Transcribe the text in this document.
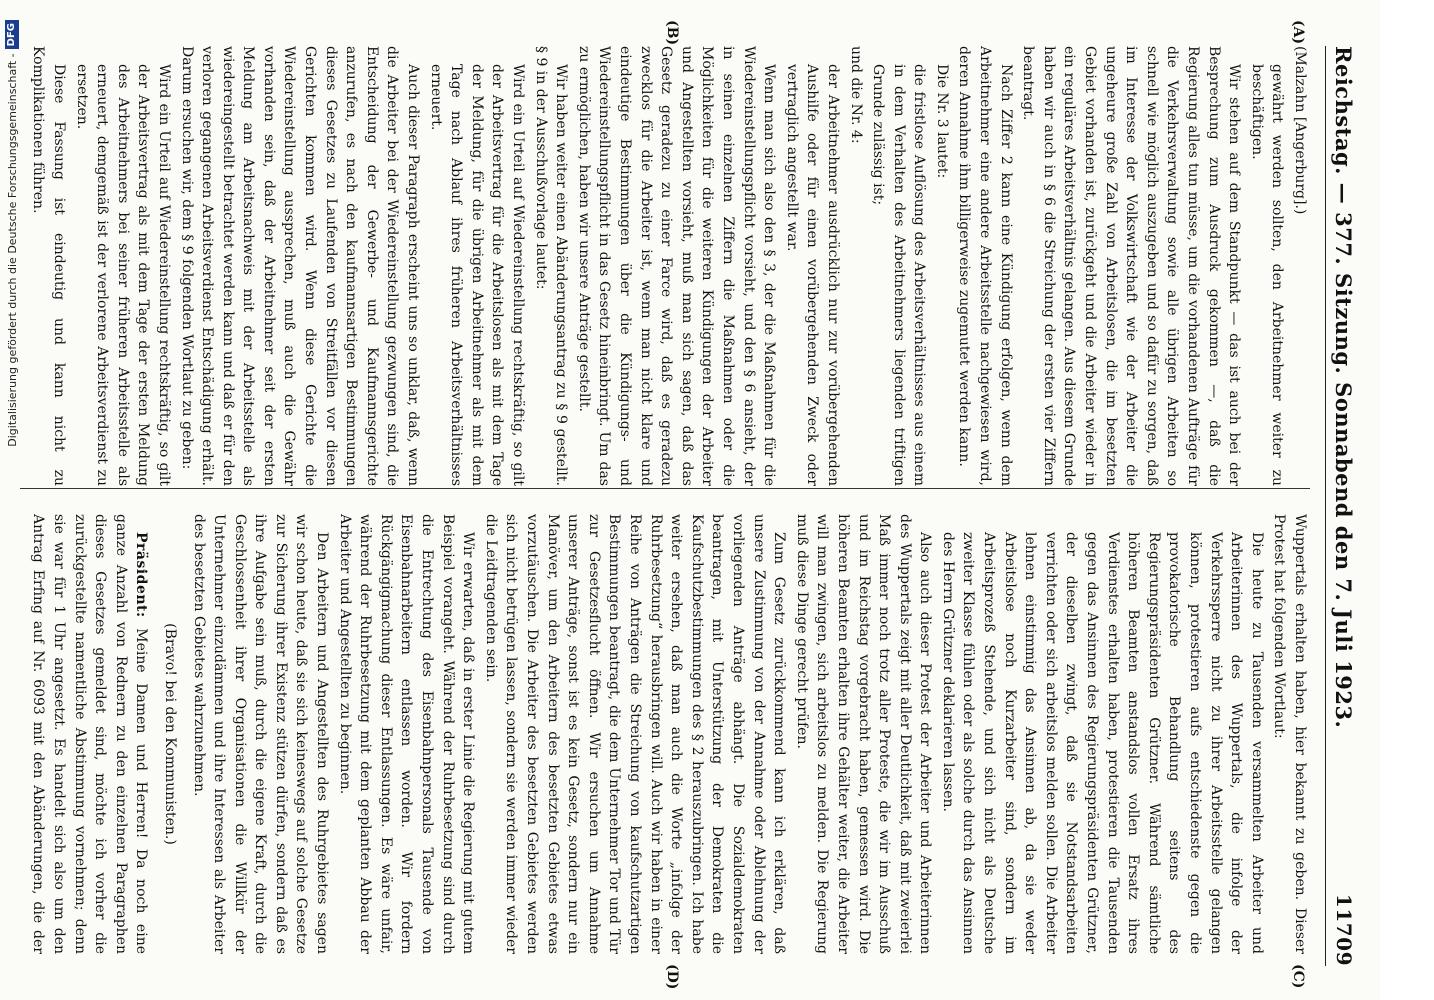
Reichstag. — 377. Sitzung. Sonnabend den 7. Juli 1923.
11709
(A)
(B)
(C)
(D)

(Malzahn [Angerburg].)

gewährt werden sollten, den Arbeitnehmer weiter zu beschäftigen.

Wir stehen auf dem Standpunkt — das ist auch bei der Besprechung zum Ausdruck gekommen —, daß die Regierung alles tun müsse, um die vorhandenen Aufträge für die Verkehrsverwaltung sowie alle übrigen Arbeiten so schnell wie möglich auszugeben und so dafür zu sorgen, daß im Interesse der Volkswirtschaft wie der Arbeiter die ungeheure große Zahl von Arbeitslosen, die im besetzten Gebiet vorhanden ist, zurückgeht und die Arbeiter wieder in ein reguläres Arbeitsverhältnis gelangen. Aus diesem Grunde haben wir auch in § 6 die Streichung der ersten vier Ziffern beantragt.

Nach Ziffer 2 kann eine Kündigung erfolgen, wenn dem Arbeitnehmer eine andere Arbeitsstelle nachgewiesen wird, deren Annahme ihm billigerweise zugemutet werden kann.

Die Nr. 3 lautet:

die fristlose Auflösung des Arbeitsverhältnisses aus einem in dem Verhalten des Arbeitnehmers liegenden triftigen Grunde zulässig ist;

und die Nr. 4:

der Arbeitnehmer ausdrücklich nur zur vorübergehenden Aushilfe oder für einen vorübergehenden Zweck oder vertraglich angestellt war.

Wenn man sich also den § 3, der die Maßnahmen für die Wiedereinstellungspflicht vorsieht, und den § 6 ansieht, der in seinen einzelnen Ziffern die Maßnahmen oder die Möglichkeiten für die weiteren Kündigungen der Arbeiter und Angestellten vorsieht, muß man sich sagen, daß das Gesetz geradezu zu einer Farce wird, daß es geradezu zwecklos für die Arbeiter ist, wenn man nicht klare und eindeutige Bestimmungen über die Kündigungs- und Wiedereinstellungspflicht in das Gesetz hineinbringt. Um das zu ermöglichen, haben wir unsere Anträge gestellt.

Wir haben weiter einen Abänderungsantrag zu § 9 gestellt. § 9 in der Ausschußvorlage lautet:

Wird ein Urteil auf Wiedereinstellung rechtskräftig, so gilt der Arbeitsvertrag für die Arbeitslosen als mit dem Tage der Meldung, für die übrigen Arbeitnehmer als mit dem Tage nach Ablauf ihres früheren Arbeitsverhältnisses erneuert.

Auch dieser Paragraph erscheint uns so unklar, daß, wenn die Arbeiter bei der Wiedereinstellung gezwungen sind, die Entscheidung der Gewerbe- und Kaufmannsgerichte anzurufen, es nach den kaufmannsartigen Bestimmungen dieses Gesetzes zu Laufenden von Streitfällen vor diesen Gerichten kommen wird. Wenn diese Gerichte die Wiedereinstellung aussprechen, muß auch die Gewähr vorhanden sein, daß der Arbeitnehmer seit der ersten Meldung am Arbeitsnachweis mit der Arbeitsstelle als wiedereingestellt betrachtet werden kann und daß er für den verloren gegangenen Arbeitsverdienst Entschädigung erhält. Darum ersuchen wir, dem § 9 folgenden Wortlaut zu geben:

Wird ein Urteil auf Wiedereinstellung rechtskräftig, so gilt der Arbeitsvertrag als mit dem Tage der ersten Meldung des Arbeitnehmers bei seiner früheren Arbeitsstelle als erneuert, demgemäß ist der verlorene Arbeitsverdienst zu ersetzen.

Diese Fassung ist eindeutig und kann nicht zu Komplikationen führen.

Wuppertals erhalten haben, hier bekannt zu geben. Dieser Protest hat folgenden Wortlaut:

Die heute zu Tausenden versammelten Arbeiter und Arbeiterinnen des Wuppertals, die infolge der Verkehrssperre nicht zu ihrer Arbeitsstelle gelangen können, protestieren aufs entschiedenste gegen die provokatorische Behandlung seitens des Regierungspräsidenten Grützner. Während sämtliche höheren Beamten anstandslos vollen Ersatz ihres Verdienstes erhalten haben, protestieren die Tausenden gegen das Ansinnen des Regierungspräsidenten Grützner, der dieselben zwingt, daß sie Notstandsarbeiten verrichten oder sich arbeitslos melden sollen. Die Arbeiter lehnen einstimmig das Ansinnen ab, da sie weder Arbeitslose noch Kurzarbeiter sind, sondern im Arbeitsprozeß Stehende, und sich nicht als Deutsche zweiter Klasse fühlen oder als solche durch das Ansinnen des Herrn Grützner deklarieren lassen.

Also auch dieser Protest der Arbeiter und Arbeiterinnen des Wuppertals zeigt mit aller Deutlichkeit, daß mit zweierlei Maß immer noch trotz aller Proteste, die wir im Ausschuß und im Reichstag vorgebracht haben, gemessen wird. Die höheren Beamten erhalten ihre Gehälter weiter, die Arbeiter will man zwingen, sich arbeitslos zu melden. Die Regierung muß diese Dinge gerecht prüfen.

Zum Gesetz zurückkommend kann ich erklären, daß unsere Zustimmung von der Annahme oder Ablehnung der vorliegenden Anträge abhängt. Die Sozialdemokraten beantragen, mit Unterstützung der Demokraten die Kaufschutzbestimmungen des § 2 herauszubringen. Ich habe weiter ersehen, daß man auch die Worte „infolge der Ruhrbesetzung“ herausbringen will. Auch wir haben in einer Reihe von Anträgen die Streichung von kaufschutzartigen Bestimmungen beantragt, die dem Unternehmer Tor und Tür zur Gesetzesflucht öffnen. Wir ersuchen um Annahme unserer Anträge, sonst ist es kein Gesetz, sondern nur ein Manöver, um den Arbeitern des besetzten Gebietes etwas vorzutäuschen. Die Arbeiter des besetzten Gebietes werden sich nicht betrügen lassen, sondern sie werden immer wieder die Leidtragenden sein.

Wir erwarten, daß in erster Linie die Regierung mit gutem Beispiel vorangeht. Während der Ruhrbesetzung sind durch die Entrechtung des Eisenbahnpersonals Tausende von Eisenbahnarbeitern entlassen worden. Wir fordern Rückgängigmachung dieser Entlassungen. Es wäre unfair, während der Ruhrbesetzung mit dem geplanten Abbau der Arbeiter und Angestellten zu beginnen.

Den Arbeitern und Angestellten des Ruhrgebietes sagen wir schon heute, daß sie sich keineswegs auf solche Gesetze zur Sicherung ihrer Existenz stützen dürfen, sondern daß es ihre Aufgabe sein muß, durch die eigene Kraft, durch die Geschlossenheit ihrer Organisationen die Willkür der Unternehmer einzudämmen und ihre Interessen als Arbeiter des besetzten Gebietes wahrzunehmen.

(Bravo! bei den Kommunisten.)

Präsident: Meine Damen und Herren! Da noch eine ganze Anzahl von Rednern zu den einzelnen Paragraphen dieses Gesetzes gemeldet sind, möchte ich vorher die zurückgestellte namentliche Abstimmung vornehmen; denn sie war für 1 Uhr angesetzt. Es handelt sich also um den Antrag Erfing auf Nr. 6093 mit den Abänderungen, die der

Digitalisierung gefördert durch die Deutsche Forschungsgemeinschaft -
DFG
